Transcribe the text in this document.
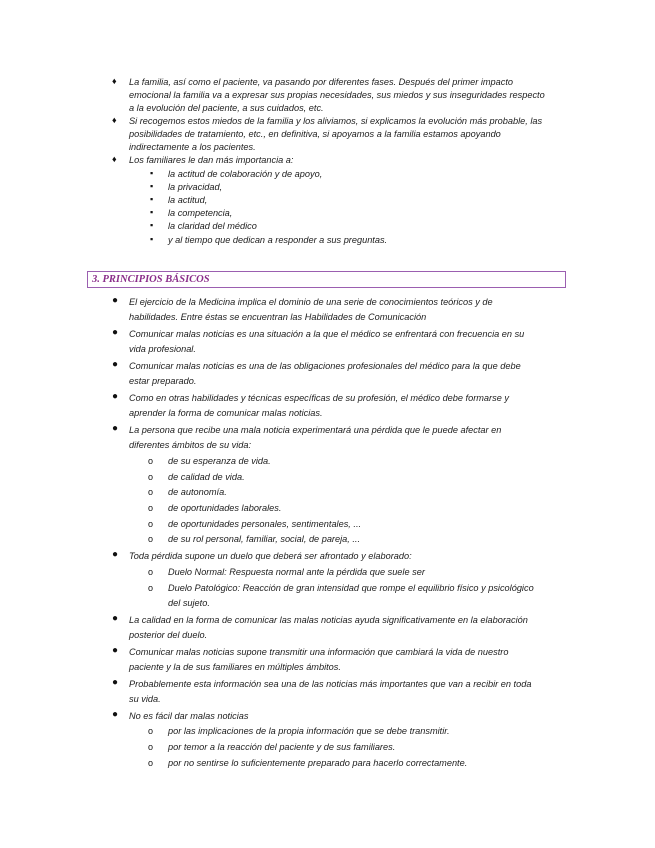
♦ La familia, así como el paciente, va pasando por diferentes fases. Después del primer impacto
emocional la familia va a expresar sus propias necesidades, sus miedos y sus inseguridades respecto
a la evolución del paciente, a sus cuidados, etc.
♦ Si recogemos estos miedos de la familia y los aliviamos, si explicamos la evolución más probable, las
posibilidades de tratamiento, etc., en definitiva, si apoyamos a la familia estamos apoyando
indirectamente a los pacientes.
♦ Los familiares le dan más importancia a:
▪ la actitud de colaboración y de apoyo,
▪ la privacidad,
▪ la actitud,
▪ la competencia,
▪ la claridad del médico
▪ y al tiempo que dedican a responder a sus preguntas.
3. PRINCIPIOS BÁSICOS
● El ejercicio de la Medicina implica el dominio de una serie de conocimientos teóricos y de
habilidades. Entre éstas se encuentran las Habilidades de Comunicación
● Comunicar malas noticias es una situación a la que el médico se enfrentará con frecuencia en su
vida profesional.
● Comunicar malas noticias es una de las obligaciones profesionales del médico para la que debe
estar preparado.
● Como en otras habilidades y técnicas específicas de su profesión, el médico debe formarse y
aprender la forma de comunicar malas noticias.
● La persona que recibe una mala noticia experimentará una pérdida que le puede afectar en
diferentes ámbitos de su vida:
o de su esperanza de vida.
o de calidad de vida.
o de autonomía.
o de oportunidades laborales.
o de oportunidades personales, sentimentales, ...
o de su rol personal, familiar, social, de pareja, ...
● Toda pérdida supone un duelo que deberá ser afrontado y elaborado:
o Duelo Normal: Respuesta normal ante la pérdida que suele ser
o Duelo Patológico: Reacción de gran intensidad que rompe el equilibrio físico y psicológico
del sujeto.
● La calidad en la forma de comunicar las malas noticias ayuda significativamente en la elaboración
posterior del duelo.
● Comunicar malas noticias supone transmitir una información que cambiará la vida de nuestro
paciente y la de sus familiares en múltiples ámbitos.
● Probablemente esta información sea una de las noticias más importantes que van a recibir en toda
su vida.
● No es fácil dar malas noticias
o por las implicaciones de la propia información que se debe transmitir.
o por temor a la reacción del paciente y de sus familiares.
o por no sentirse lo suficientemente preparado para hacerlo correctamente.
